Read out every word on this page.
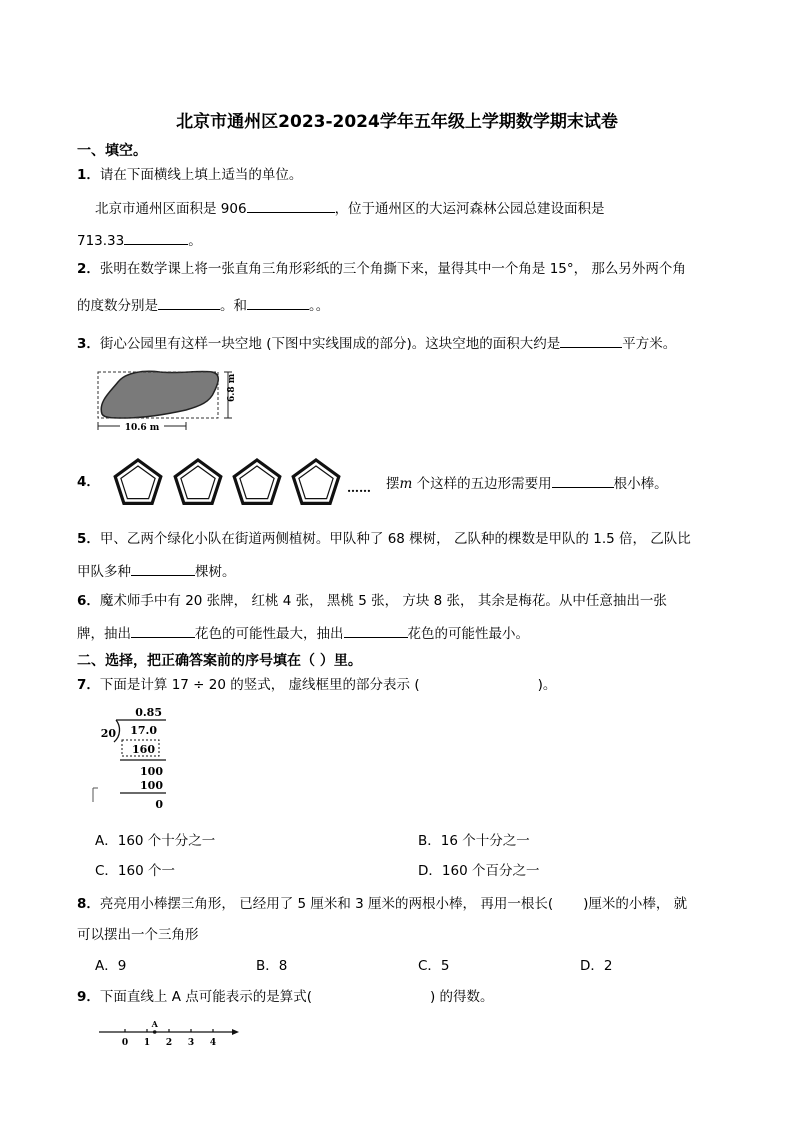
北京市通州区2023-2024学年五年级上学期数学期末试卷
一、填空。
1．请在下面横线上填上适当的单位。
北京市通州区面积是 906	，位于通州区的大运河森林公园总建设面积是
713.33	。
2．张明在数学课上将一张直角三角形彩纸的三个角撕下来，量得其中一个角是 15°， 那么另外两个角
的度数分别是	。和	。。
3．街心公园里有这样一块空地 (下图中实线围成的部分)。这块空地的面积大约是	平方米。
6.8 m
10.6 m
4．	…… 摆m 个这样的五边形需要用	根小棒。
5．甲、乙两个绿化小队在街道两侧植树。甲队种了 68 棵树， 乙队种的棵数是甲队的 1.5 倍， 乙队比
甲队多种	棵树。
6．魔术师手中有 20 张牌， 红桃 4 张， 黑桃 5 张， 方块 8 张， 其余是梅花。从中任意抽出一张
牌，抽出	花色的可能性最大，抽出	花色的可能性最小。
二、选择，把正确答案前的序号填在（ ）里。
7．下面是计算 17 ÷ 20 的竖式， 虚线框里的部分表示 (	)。
0.85
20 17.0
160
100
100
0
A．160 个十分之一	B．16 个十分之一
C．160 个一	D．160 个百分之一
8．亮亮用小棒摆三角形， 已经用了 5 厘米和 3 厘米的两根小棒， 再用一根长( )厘米的小棒， 就
可以摆出一个三角形
A．9	B．8	C．5	D．2
9．下面直线上 A 点可能表示的是算式(	) 的得数。
0 1 2 3 4
A
